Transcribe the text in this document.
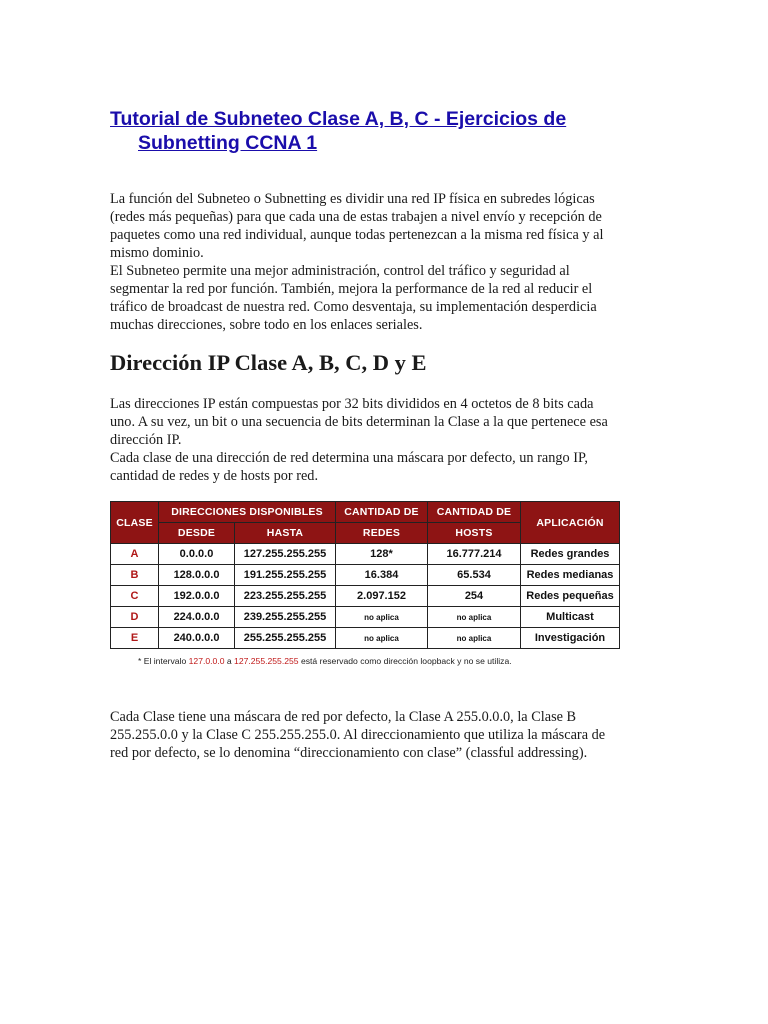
Tutorial de Subneteo Clase A, B, C - Ejercicios de
Subnetting CCNA 1

La función del Subneteo o Subnetting es dividir una red IP física en subredes lógicas
(redes más pequeñas) para que cada una de estas trabajen a nivel envío y recepción de
paquetes como una red individual, aunque todas pertenezcan a la misma red física y al
mismo dominio.
El Subneteo permite una mejor administración, control del tráfico y seguridad al
segmentar la red por función. También, mejora la performance de la red al reducir el
tráfico de broadcast de nuestra red. Como desventaja, su implementación desperdicia
muchas direcciones, sobre todo en los enlaces seriales.

Dirección IP Clase A, B, C, D y E

Las direcciones IP están compuestas por 32 bits divididos en 4 octetos de 8 bits cada
uno. A su vez, un bit o una secuencia de bits determinan la Clase a la que pertenece esa
dirección IP.
Cada clase de una dirección de red determina una máscara por defecto, un rango IP,
cantidad de redes y de hosts por red.

CLASE	DIRECCIONES DISPONIBLES		CANTIDAD DE	CANTIDAD DE	APLICACIÓN
	DESDE	HASTA	REDES	HOSTS	
A	0.0.0.0	127.255.255.255	128*	16.777.214	Redes grandes
B	128.0.0.0	191.255.255.255	16.384	65.534	Redes medianas
C	192.0.0.0	223.255.255.255	2.097.152	254	Redes pequeñas
D	224.0.0.0	239.255.255.255	no aplica	no aplica	Multicast
E	240.0.0.0	255.255.255.255	no aplica	no aplica	Investigación
* El intervalo 127.0.0.0 a 127.255.255.255 está reservado como dirección loopback y no se utiliza.

Cada Clase tiene una máscara de red por defecto, la Clase A 255.0.0.0, la Clase B
255.255.0.0 y la Clase C 255.255.255.0. Al direccionamiento que utiliza la máscara de
red por defecto, se lo denomina “direccionamiento con clase” (classful addressing).
